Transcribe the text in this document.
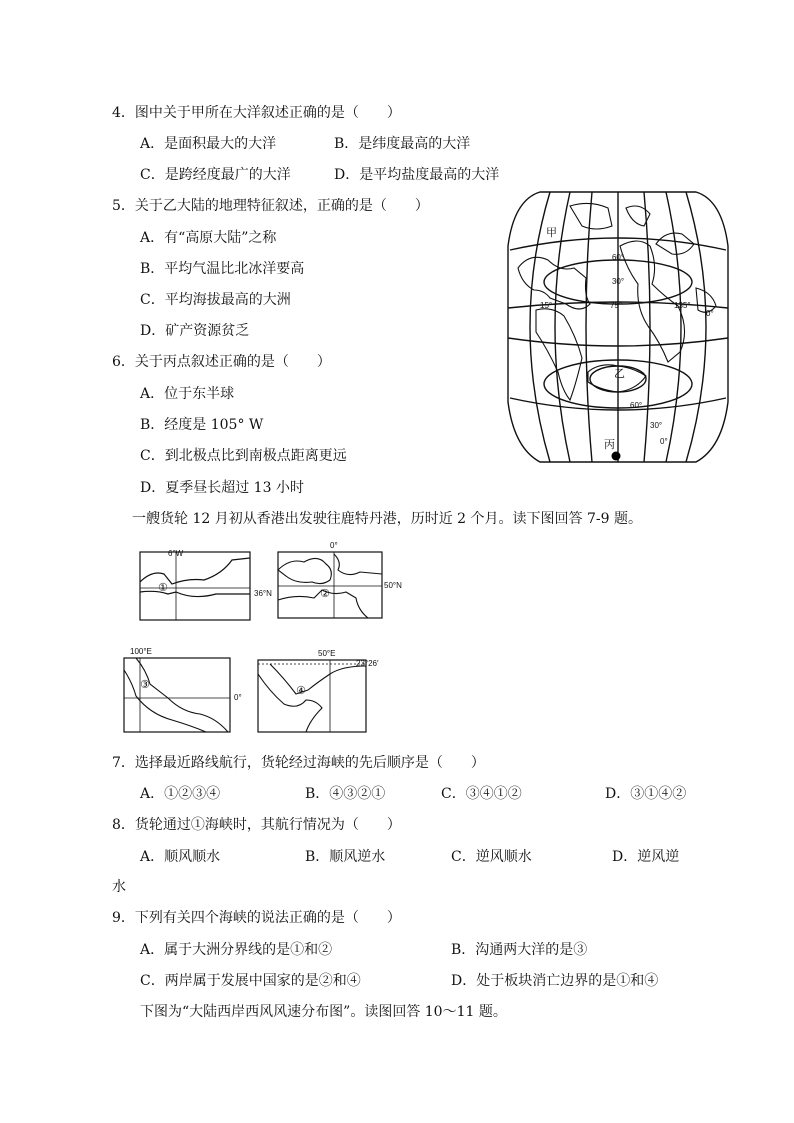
4．图中关于甲所在大洋叙述正确的是（　　）
A．是面积最大的大洋	B．是纬度最高的大洋
C．是跨经度最广的大洋	D．是平均盐度最高的大洋
5．关于乙大陆的地理特征叙述，正确的是（　　）
A．有“高原大陆”之称
B．平均气温比北冰洋要高
C．平均海拔最高的大洲
D．矿产资源贫乏
6．关于丙点叙述正确的是（　　）
A．位于东半球
B．经度是 105° W
C．到北极点比到南极点距离更远
D．夏季昼长超过 13 小时
60°
30°
15°	75°	135°
0°
60°
30°
0°
甲
乙
丙
一艘货轮 12 月初从香港出发驶往鹿特丹港，历时近 2 个月。读下图回答 7-9 题。
6°W
36°N
①
0°
50°N
②
100°E
0°
③
50°E
23°26′
④
7．选择最近路线航行，货轮经过海峡的先后顺序是（　　）
A．①②③④	B．④③②①	C．③④①②	D．③①④②
8．货轮通过①海峡时，其航行情况为（　　）
A．顺风顺水	B．顺风逆水	C．逆风顺水	D．逆风逆
水
9．下列有关四个海峡的说法正确的是（　　）
A．属于大洲分界线的是①和②	B．沟通两大洋的是③
C．两岸属于发展中国家的是②和④	D．处于板块消亡边界的是①和④
下图为“大陆西岸西风风速分布图”。读图回答 10～11 题。
